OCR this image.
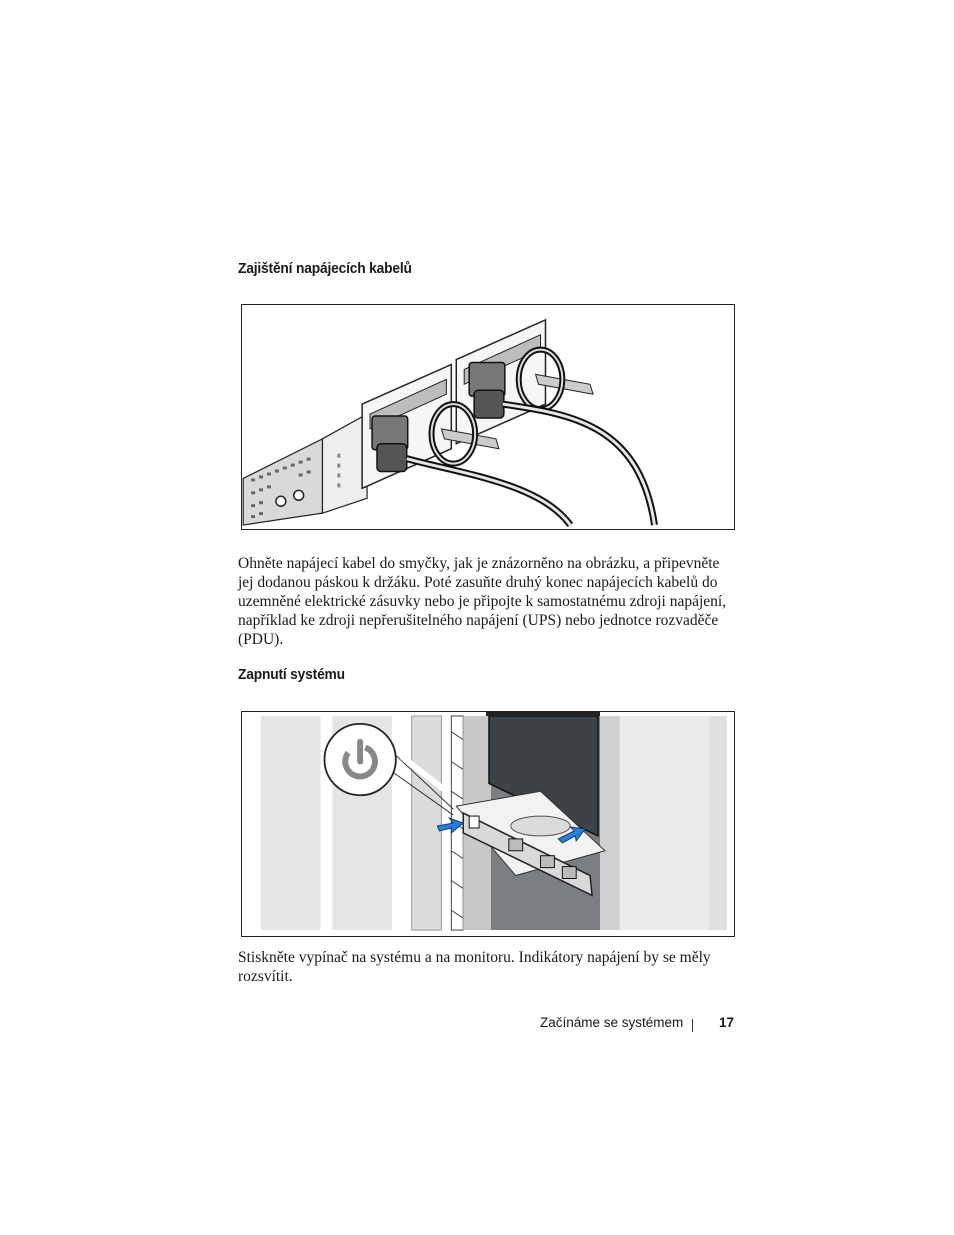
Zajištění napájecích kabelů

Ohněte napájecí kabel do smyčky, jak je znázorněno na obrázku, a připevněte jej dodanou páskou k držáku. Poté zasuňte druhý konec napájecích kabelů do uzemněné elektrické zásuvky nebo je připojte k samostatnému zdroji napájení, například ke zdroji nepřerušitelného napájení (UPS) nebo jednotce rozvaděče (PDU).

Zapnutí systému

Stiskněte vypínač na systému a na monitoru. Indikátory napájení by se měly rozsvítit.

Začínáme se systémem	17
